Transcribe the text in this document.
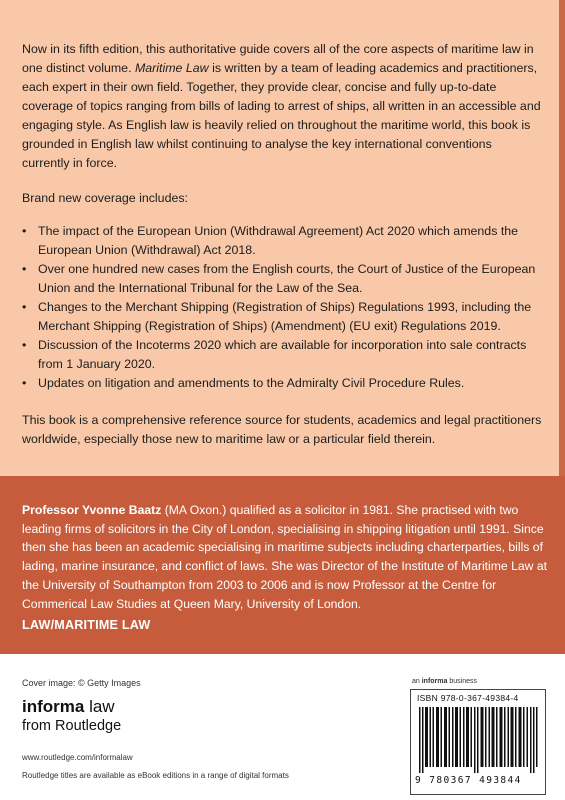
Now in its fifth edition, this authoritative guide covers all of the core aspects of maritime law in one distinct volume. Maritime Law is written by a team of leading academics and practitioners, each expert in their own field. Together, they provide clear, concise and fully up-to-date coverage of topics ranging from bills of lading to arrest of ships, all written in an accessible and engaging style. As English law is heavily relied on throughout the maritime world, this book is grounded in English law whilst continuing to analyse the key international conventions currently in force.

Brand new coverage includes:

• The impact of the European Union (Withdrawal Agreement) Act 2020 which amends the European Union (Withdrawal) Act 2018.
• Over one hundred new cases from the English courts, the Court of Justice of the European Union and the International Tribunal for the Law of the Sea.
• Changes to the Merchant Shipping (Registration of Ships) Regulations 1993, including the Merchant Shipping (Registration of Ships) (Amendment) (EU exit) Regulations 2019.
• Discussion of the Incoterms 2020 which are available for incorporation into sale contracts from 1 January 2020.
• Updates on litigation and amendments to the Admiralty Civil Procedure Rules.

This book is a comprehensive reference source for students, academics and legal practitioners worldwide, especially those new to maritime law or a particular field therein.

Professor Yvonne Baatz (MA Oxon.) qualified as a solicitor in 1981. She practised with two leading firms of solicitors in the City of London, specialising in shipping litigation until 1991. Since then she has been an academic specialising in maritime subjects including charterparties, bills of lading, marine insurance, and conflict of laws. She was Director of the Institute of Maritime Law at the University of Southampton from 2003 to 2006 and is now Professor at the Centre for Commerical Law Studies at Queen Mary, University of London.
LAW/MARITIME LAW
Cover image: © Getty Images
informa law
from Routledge
www.routledge.com/informalaw
Routledge titles are available as eBook editions in a range of digital formats
an informa business
ISBN 978-0-367-49384-4
9 780367 493844
